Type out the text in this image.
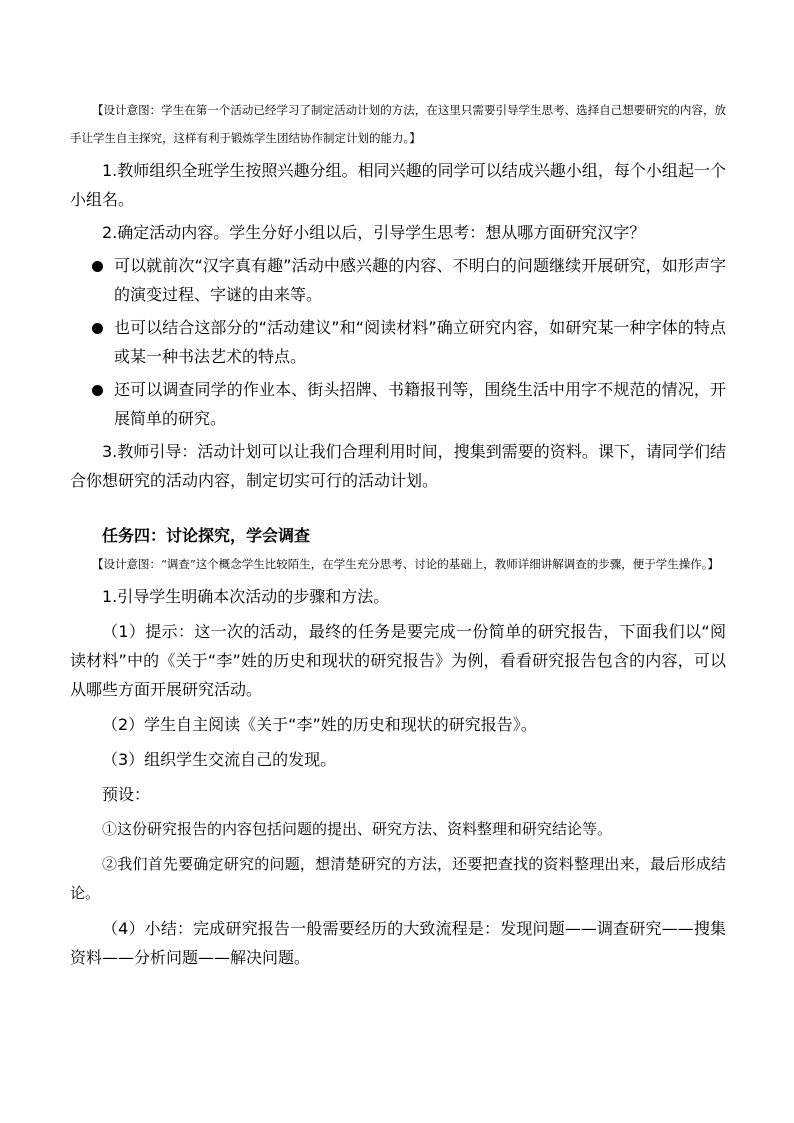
【设计意图：学生在第一个活动已经学习了制定活动计划的方法，在这里只需要引导学生思考、选择自己想要研究的内容，放手让学生自主探究，这样有利于锻炼学生团结协作制定计划的能力。】

1.教师组织全班学生按照兴趣分组。相同兴趣的同学可以结成兴趣小组，每个小组起一个小组名。

2.确定活动内容。学生分好小组以后，引导学生思考：想从哪方面研究汉字？

可以就前次“汉字真有趣”活动中感兴趣的内容、不明白的问题继续开展研究，如形声字的演变过程、字谜的由来等。
也可以结合这部分的“活动建议”和“阅读材料”确立研究内容，如研究某一种字体的特点或某一种书法艺术的特点。
还可以调查同学的作业本、街头招牌、书籍报刊等，围绕生活中用字不规范的情况，开展简单的研究。

3.教师引导：活动计划可以让我们合理利用时间，搜集到需要的资料。课下，请同学们结合你想研究的活动内容，制定切实可行的活动计划。

任务四：讨论探究，学会调查

【设计意图：“调查”这个概念学生比较陌生，在学生充分思考、讨论的基础上，教师详细讲解调查的步骤，便于学生操作。】

1.引导学生明确本次活动的步骤和方法。

（1）提示：这一次的活动，最终的任务是要完成一份简单的研究报告，下面我们以“阅读材料”中的《关于“李”姓的历史和现状的研究报告》为例，看看研究报告包含的内容，可以从哪些方面开展研究活动。

（2）学生自主阅读《关于“李”姓的历史和现状的研究报告》。

（3）组织学生交流自己的发现。

预设：

①这份研究报告的内容包括问题的提出、研究方法、资料整理和研究结论等。

②我们首先要确定研究的问题，想清楚研究的方法，还要把查找的资料整理出来，最后形成结论。

（4）小结：完成研究报告一般需要经历的大致流程是：发现问题——调查研究——搜集资料——分析问题——解决问题。
